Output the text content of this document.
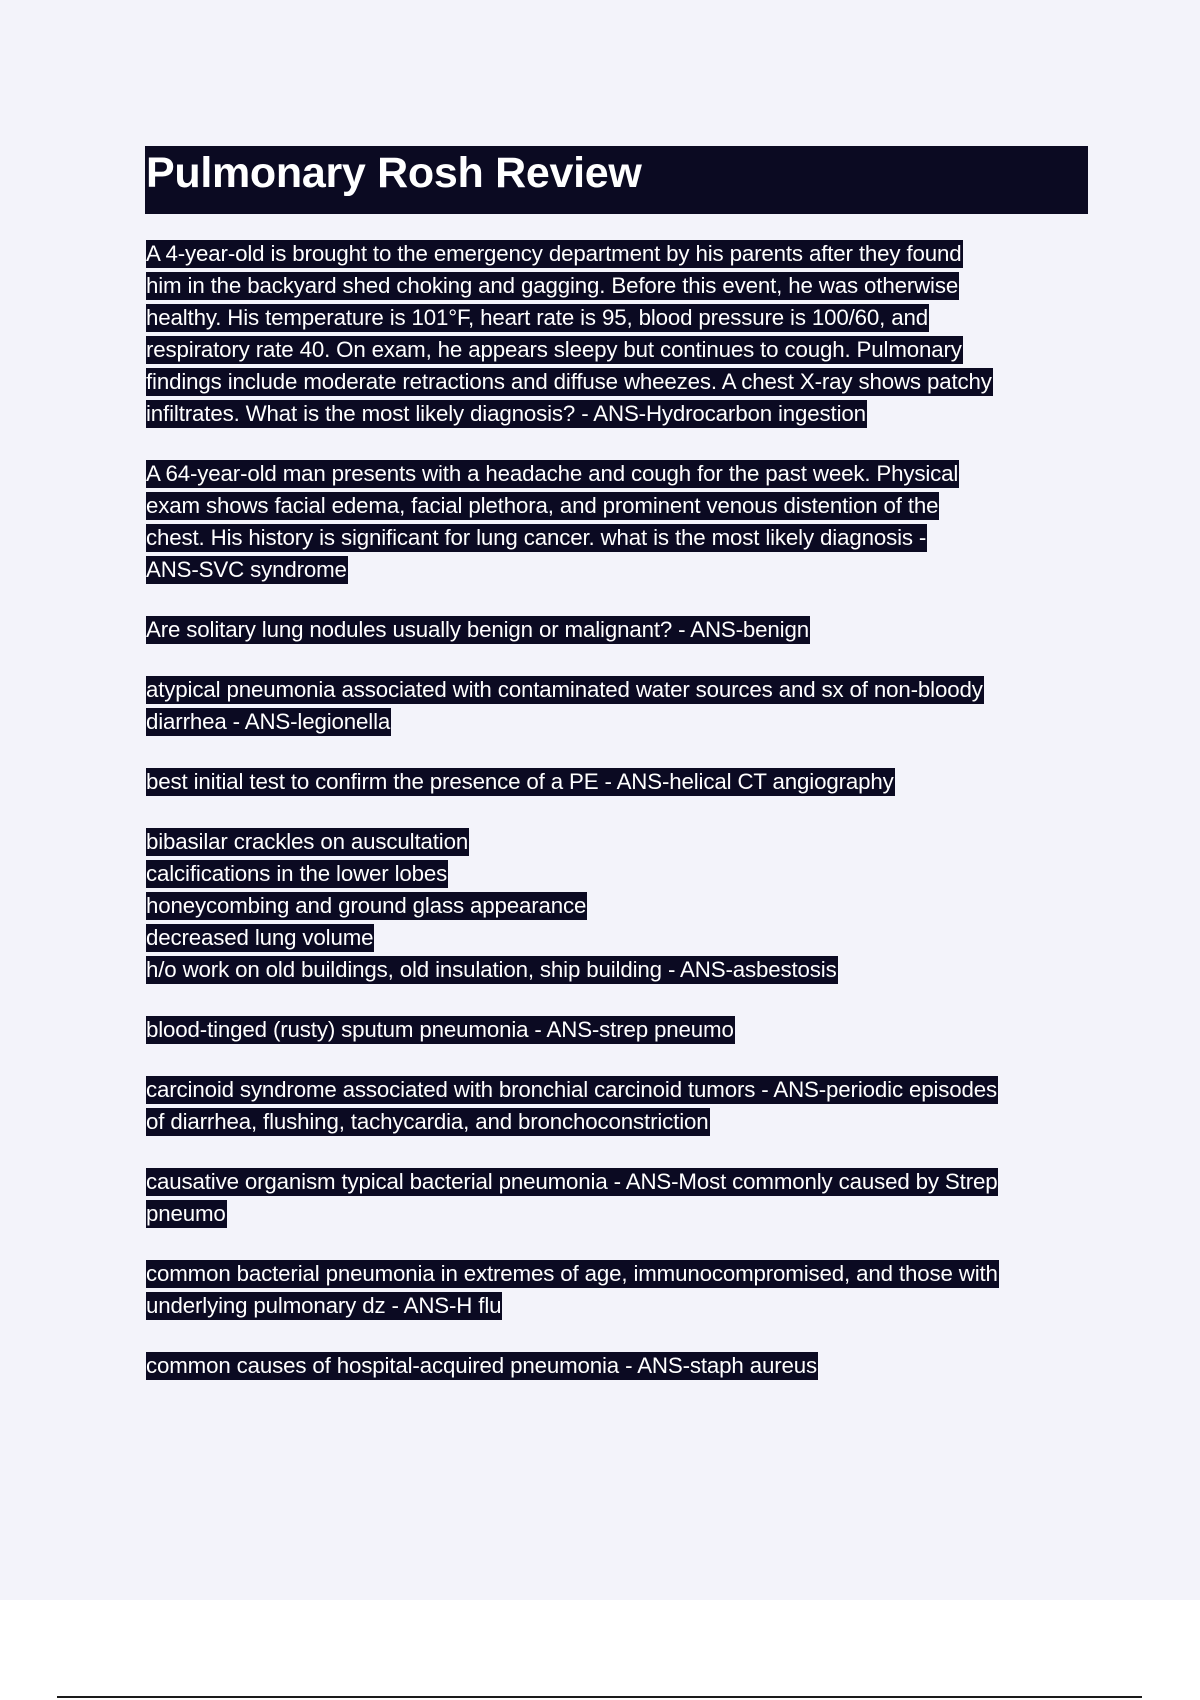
Pulmonary Rosh Review
A 4-year-old is brought to the emergency department by his parents after they found
him in the backyard shed choking and gagging. Before this event, he was otherwise
healthy. His temperature is 101°F, heart rate is 95, blood pressure is 100/60, and
respiratory rate 40. On exam, he appears sleepy but continues to cough. Pulmonary
findings include moderate retractions and diffuse wheezes. A chest X-ray shows patchy
infiltrates. What is the most likely diagnosis? - ANS-Hydrocarbon ingestion
A 64-year-old man presents with a headache and cough for the past week. Physical
exam shows facial edema, facial plethora, and prominent venous distention of the
chest. His history is significant for lung cancer. what is the most likely diagnosis -
ANS-SVC syndrome
Are solitary lung nodules usually benign or malignant? - ANS-benign
atypical pneumonia associated with contaminated water sources and sx of non-bloody
diarrhea - ANS-legionella
best initial test to confirm the presence of a PE - ANS-helical CT angiography
bibasilar crackles on auscultation
calcifications in the lower lobes
honeycombing and ground glass appearance
decreased lung volume
h/o work on old buildings, old insulation, ship building - ANS-asbestosis
blood-tinged (rusty) sputum pneumonia - ANS-strep pneumo
carcinoid syndrome associated with bronchial carcinoid tumors - ANS-periodic episodes
of diarrhea, flushing, tachycardia, and bronchoconstriction
causative organism typical bacterial pneumonia - ANS-Most commonly caused by Strep
pneumo
common bacterial pneumonia in extremes of age, immunocompromised, and those with
underlying pulmonary dz - ANS-H flu
common causes of hospital-acquired pneumonia - ANS-staph aureus
